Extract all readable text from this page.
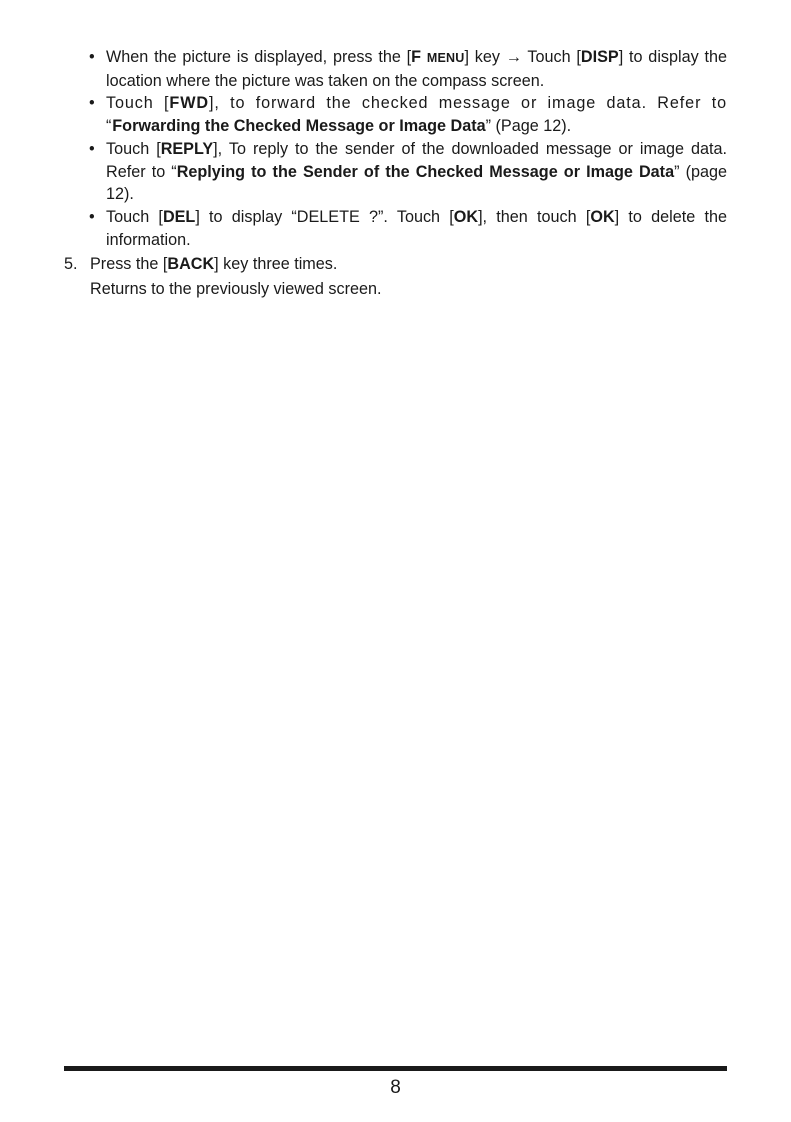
• When the picture is displayed, press the [F MENU] key → Touch [DISP] to display the location where the picture was taken on the compass screen.
• Touch [FWD], to forward the checked message or image data. Refer to “Forwarding the Checked Message or Image Data” (Page 12).
• Touch [REPLY], To reply to the sender of the downloaded message or image data. Refer to “Replying to the Sender of the Checked Message or Image Data” (page 12).
• Touch [DEL] to display “DELETE ?”. Touch [OK], then touch [OK] to delete the information.
5. Press the [BACK] key three times.
Returns to the previously viewed screen.
8
